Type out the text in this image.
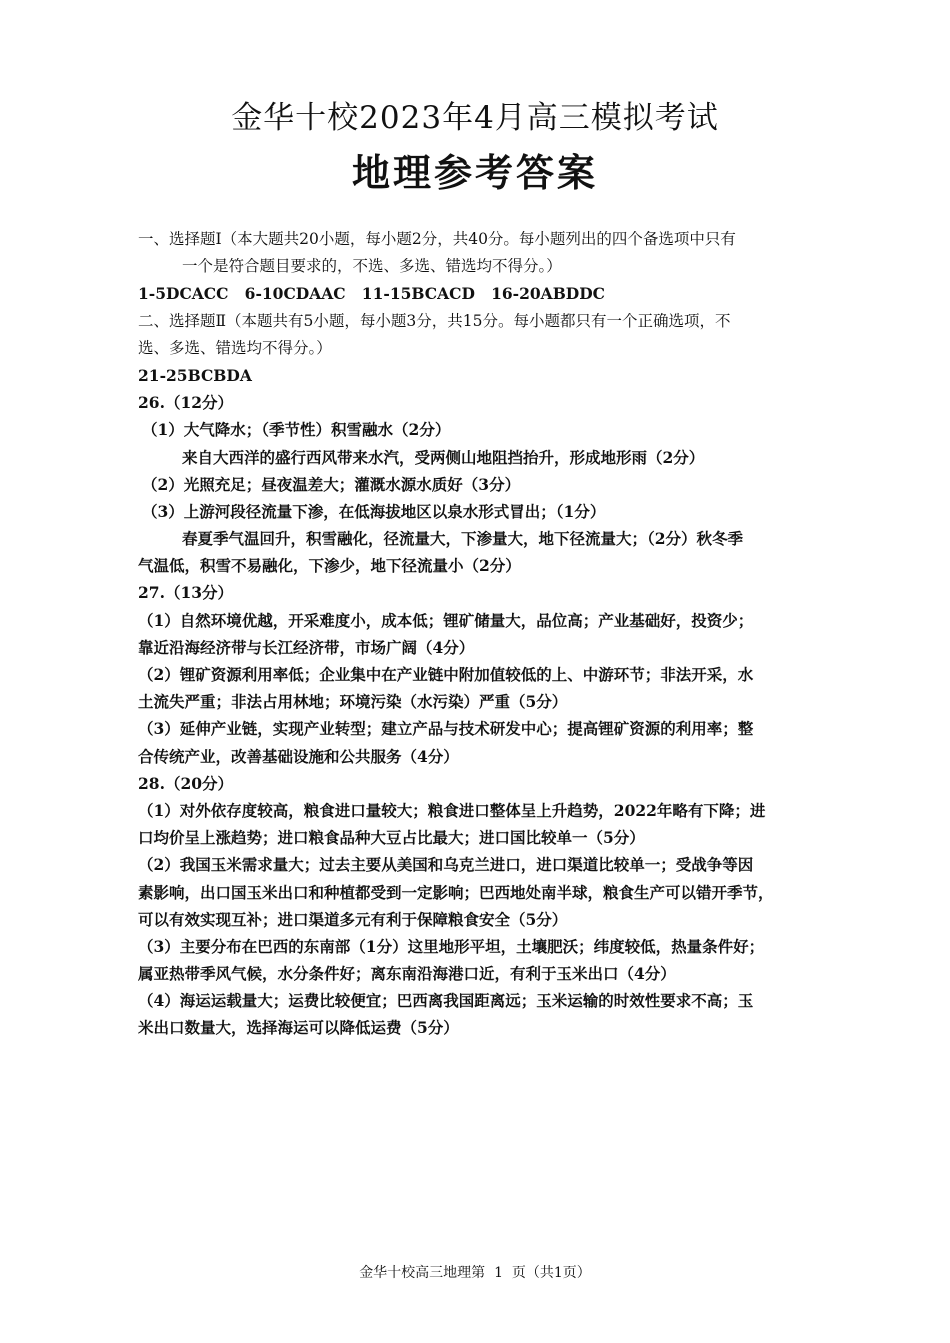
金华十校2023年4月高三模拟考试
地理参考答案
一、选择题Ⅰ（本大题共20小题，每小题2分，共40分。每小题列出的四个备选项中只有
一个是符合题目要求的，不选、多选、错选均不得分。）
1-5DCACC   6-10CDAAC   11-15BCACD   16-20ABDDC
二、选择题Ⅱ（本题共有5小题，每小题3分，共15分。每小题都只有一个正确选项，不
选、多选、错选均不得分。）
21-25BCBDA
26.（12分）
（1）大气降水；（季节性）积雪融水（2分）
来自大西洋的盛行西风带来水汽，受两侧山地阻挡抬升，形成地形雨（2分）
（2）光照充足；昼夜温差大；灌溉水源水质好（3分）
（3）上游河段径流量下渗，在低海拔地区以泉水形式冒出；（1分）
春夏季气温回升，积雪融化，径流量大，下渗量大，地下径流量大；（2分）秋冬季
气温低，积雪不易融化，下渗少，地下径流量小（2分）
27.（13分）
（1）自然环境优越，开采难度小，成本低；锂矿储量大，品位高；产业基础好，投资少；
靠近沿海经济带与长江经济带，市场广阔（4分）
（2）锂矿资源利用率低；企业集中在产业链中附加值较低的上、中游环节；非法开采，水
土流失严重；非法占用林地；环境污染（水污染）严重（5分）
（3）延伸产业链，实现产业转型；建立产品与技术研发中心；提高锂矿资源的利用率；整
合传统产业，改善基础设施和公共服务（4分）
28.（20分）
（1）对外依存度较高，粮食进口量较大；粮食进口整体呈上升趋势，2022年略有下降；进
口均价呈上涨趋势；进口粮食品种大豆占比最大；进口国比较单一（5分）
（2）我国玉米需求量大；过去主要从美国和乌克兰进口，进口渠道比较单一；受战争等因
素影响，出口国玉米出口和种植都受到一定影响；巴西地处南半球，粮食生产可以错开季节，
可以有效实现互补；进口渠道多元有利于保障粮食安全（5分）
（3）主要分布在巴西的东南部（1分）这里地形平坦，土壤肥沃；纬度较低，热量条件好；
属亚热带季风气候，水分条件好；离东南沿海港口近，有利于玉米出口（4分）
（4）海运运载量大；运费比较便宜；巴西离我国距离远；玉米运输的时效性要求不高；玉
米出口数量大，选择海运可以降低运费（5分）
金华十校高三地理第  1  页（共1页）
